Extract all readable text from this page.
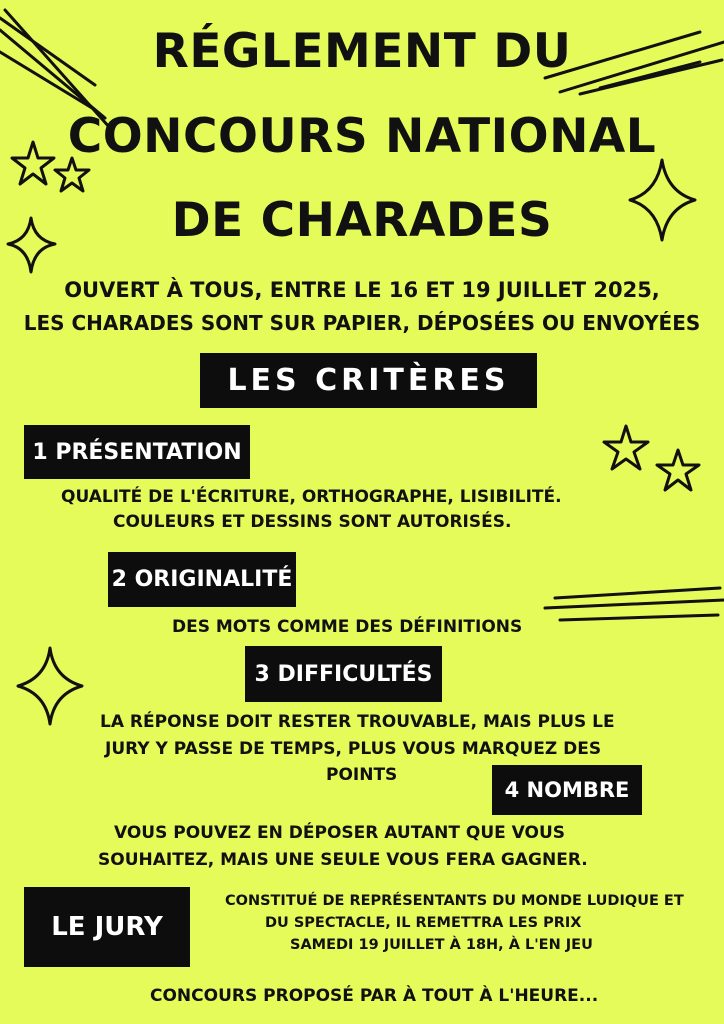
RÉGLEMENT DU
CONCOURS NATIONAL
DE CHARADES
OUVERT À TOUS, ENTRE LE 16 ET 19 JUILLET 2025,
LES CHARADES SONT SUR PAPIER, DÉPOSÉES OU ENVOYÉES
LES CRITÈRES
1 PRÉSENTATION
QUALITÉ DE L'ÉCRITURE, ORTHOGRAPHE, LISIBILITÉ.
COULEURS ET DESSINS SONT AUTORISÉS.
2 ORIGINALITÉ
DES MOTS COMME DES DÉFINITIONS
3 DIFFICULTÉS
LA RÉPONSE DOIT RESTER TROUVABLE, MAIS PLUS LE
JURY Y PASSE DE TEMPS, PLUS VOUS MARQUEZ DES
POINTS
4 NOMBRE
VOUS POUVEZ EN DÉPOSER AUTANT QUE VOUS
SOUHAITEZ, MAIS UNE SEULE VOUS FERA GAGNER.
LE JURY
CONSTITUÉ DE REPRÉSENTANTS DU MONDE LUDIQUE ET
DU SPECTACLE, IL REMETTRA LES PRIX
SAMEDI 19 JUILLET À 18H, À L'EN JEU
CONCOURS PROPOSÉ PAR À TOUT À L'HEURE...
